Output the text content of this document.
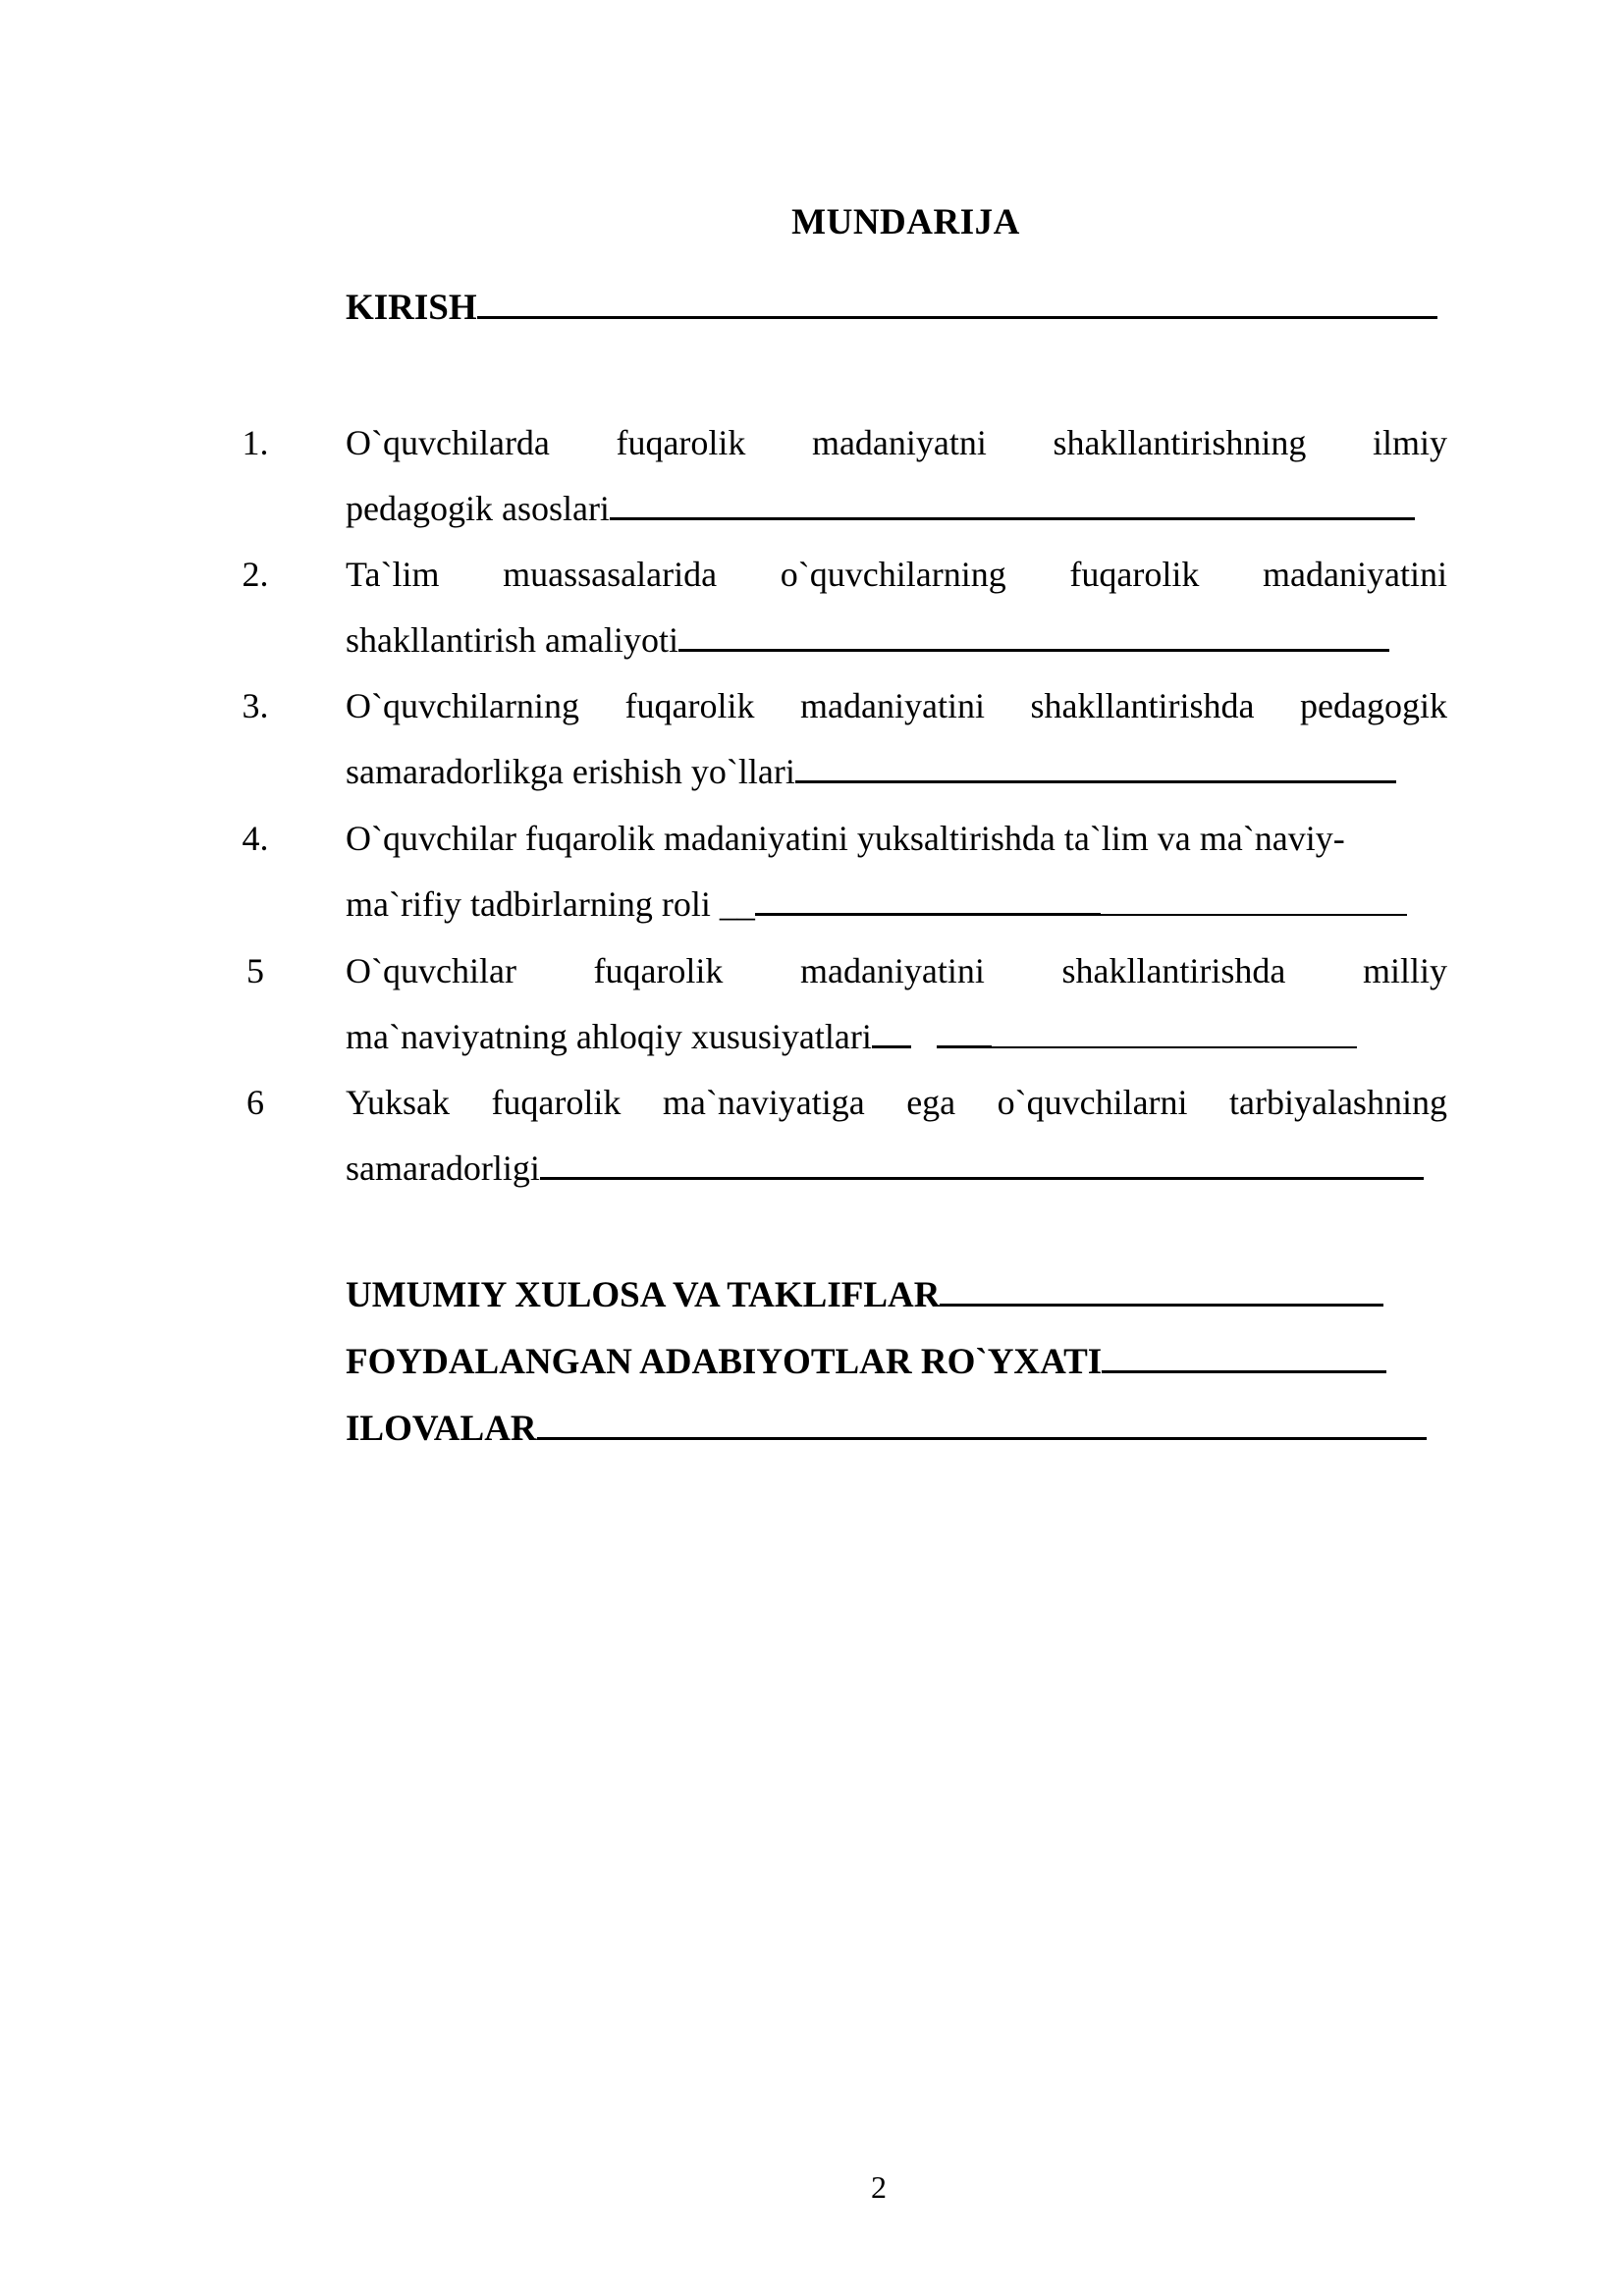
MUNDARIJA
KIRISH
1.	O`quvchilarda fuqarolik madaniyatni shakllantirishning ilmiy
pedagogik asoslari
2.	Ta`lim muassasalarida o`quvchilarning fuqarolik madaniyatini
shakllantirish amaliyoti
3.	O`quvchilarning fuqarolik madaniyatini shakllantirishda pedagogik
samaradorlikga erishish yo`llari
4.	O`quvchilar fuqarolik madaniyatini yuksaltirishda ta`lim va ma`naviy-
ma`rifiy tadbirlarning roli __
5	O`quvchilar fuqarolik madaniyatini shakllantirishda milliy
ma`naviyatning ahloqiy xususiyatlari
6	Yuksak fuqarolik ma`naviyatiga ega o`quvchilarni tarbiyalashning
samaradorligi
UMUMIY XULOSA VA TAKLIFLAR
FOYDALANGAN ADABIYOTLAR RO`YXATI
ILOVALAR
2
